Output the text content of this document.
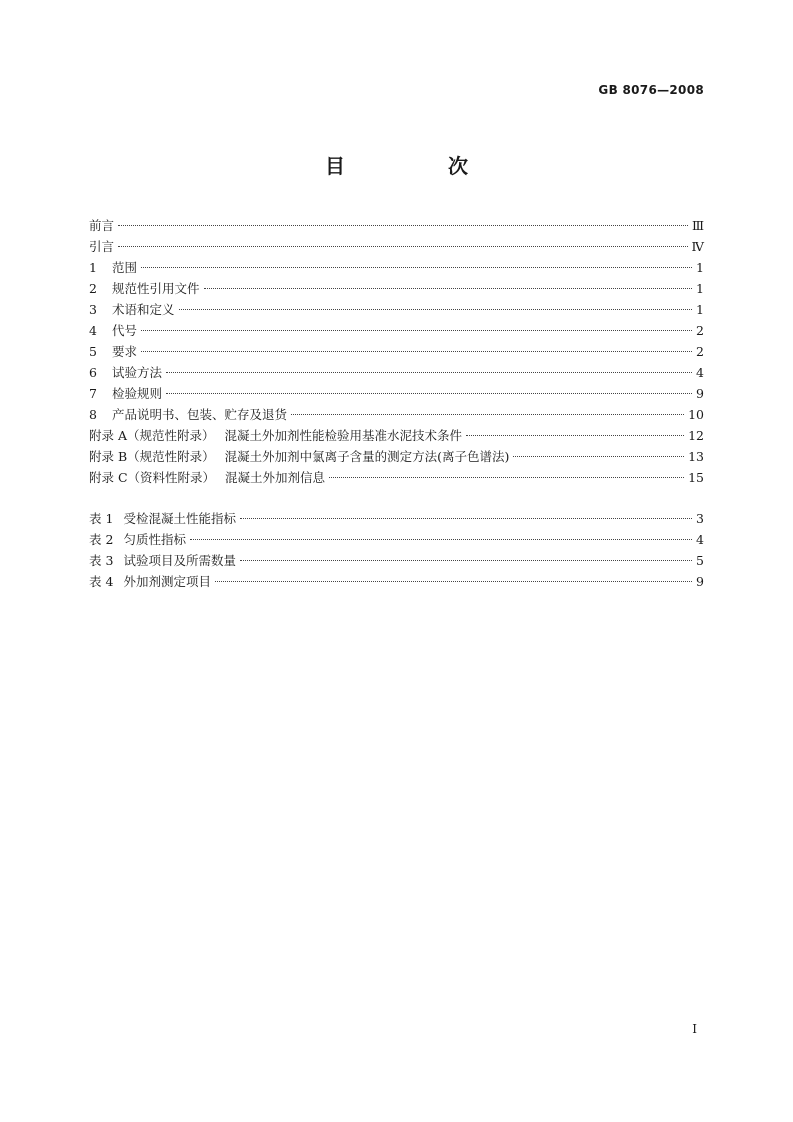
GB 8076—2008
目 次
前言	Ⅲ
引言	Ⅳ
1	范围	1
2	规范性引用文件	1
3	术语和定义	1
4	代号	2
5	要求	2
6	试验方法	4
7	检验规则	9
8	产品说明书、包装、贮存及退货	10
附录 A（规范性附录） 混凝土外加剂性能检验用基准水泥技术条件	12
附录 B（规范性附录） 混凝土外加剂中氯离子含量的测定方法(离子色谱法)	13
附录 C（资料性附录） 混凝土外加剂信息	15
表 1 受检混凝土性能指标	3
表 2 匀质性指标	4
表 3 试验项目及所需数量	5
表 4 外加剂测定项目	9
I
